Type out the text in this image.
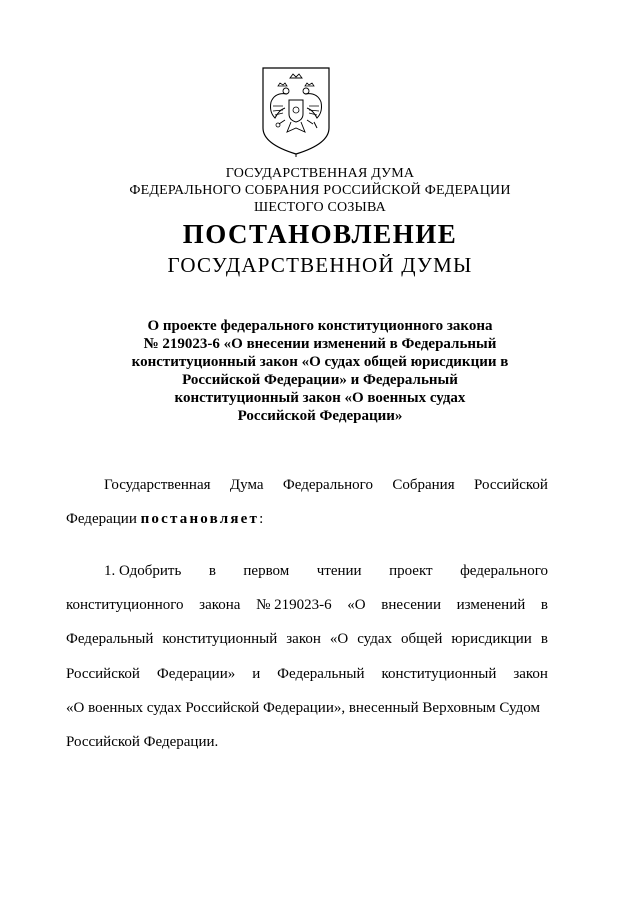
ГОСУДАРСТВЕННАЯ ДУМА
ФЕДЕРАЛЬНОГО СОБРАНИЯ РОССИЙСКОЙ ФЕДЕРАЦИИ
ШЕСТОГО СОЗЫВА
ПОСТАНОВЛЕНИЕ
ГОСУДАРСТВЕННОЙ ДУМЫ
О проекте федерального конституционного закона
№ 219023-6 «О внесении изменений в Федеральный
конституционный закон «О судах общей юрисдикции в
Российской Федерации» и Федеральный
конституционный закон «О военных судах
Российской Федерации»
Государственная Дума Федерального Собрания Российской
Федерации постановляет:
1. Одобрить в первом чтении проект федерального
конституционного закона № 219023-6 «О внесении изменений в
Федеральный конституционный закон «О судах общей юрисдикции в
Российской Федерации» и Федеральный конституционный закон
«О военных судах Российской Федерации», внесенный Верховным Судом
Российской Федерации.
